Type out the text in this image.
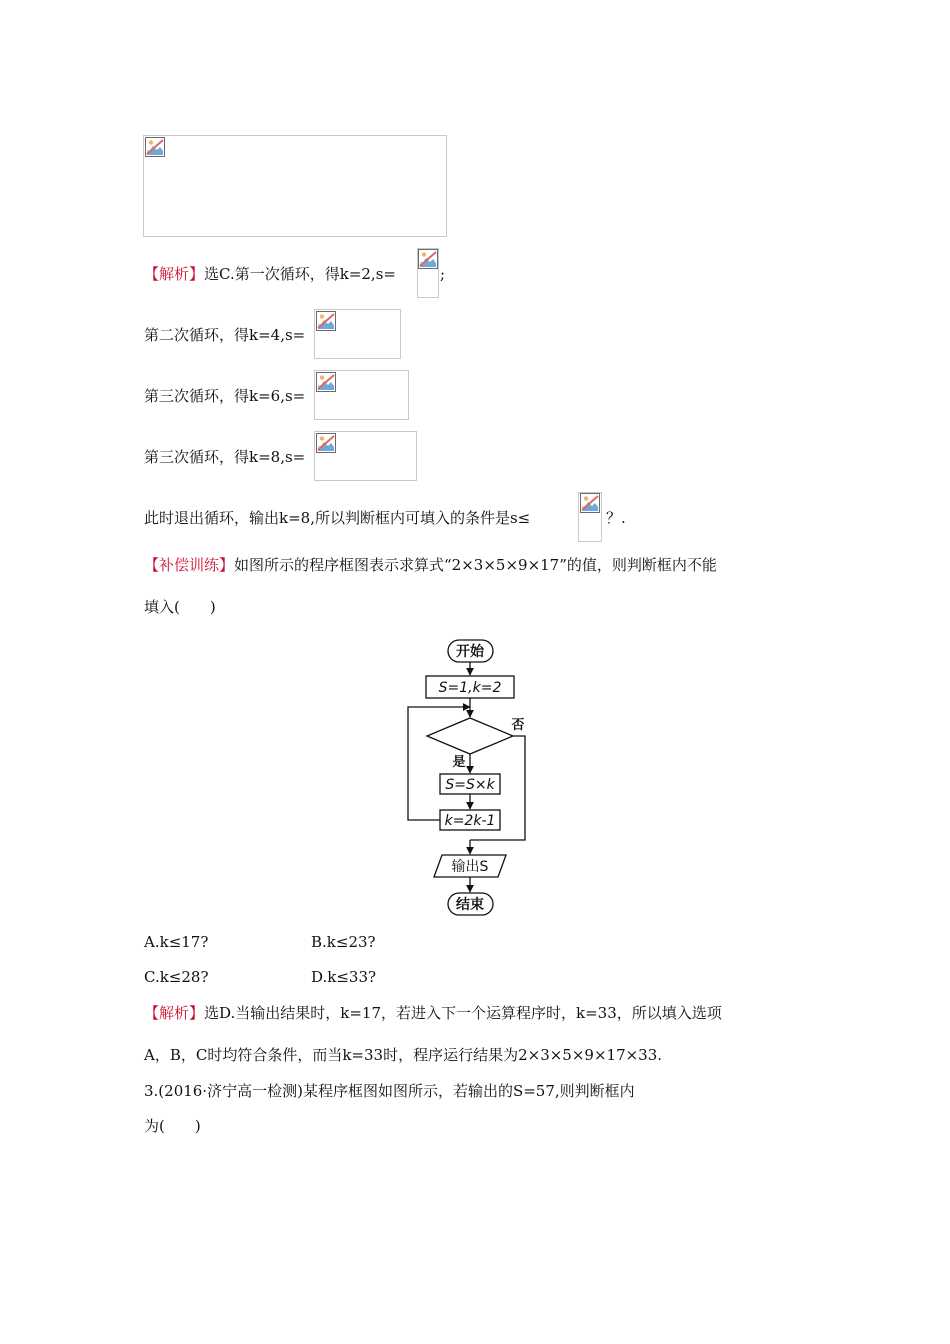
【解析】选C.第一次循环，得k=2,s=	;
第二次循环，得k=4,s=
第三次循环，得k=6,s=
第三次循环，得k=8,s=
此时退出循环，输出k=8,所以判断框内可填入的条件是s≤	？.
【补偿训练】如图所示的程序框图表示求算式“2×3×5×9×17”的值，则判断框内不能
填入(　　)
开始
S=1,k=2
否
是
S=S×k
k=2k-1
输出S
结束
A.k≤17?	B.k≤23?
C.k≤28?	D.k≤33?
【解析】选D.当输出结果时，k=17，若进入下一个运算程序时，k=33，所以填入选项
A，B，C时均符合条件，而当k=33时，程序运行结果为2×3×5×9×17×33.
3.(2016·济宁高一检测)某程序框图如图所示，若输出的S=57,则判断框内
为(　　)
